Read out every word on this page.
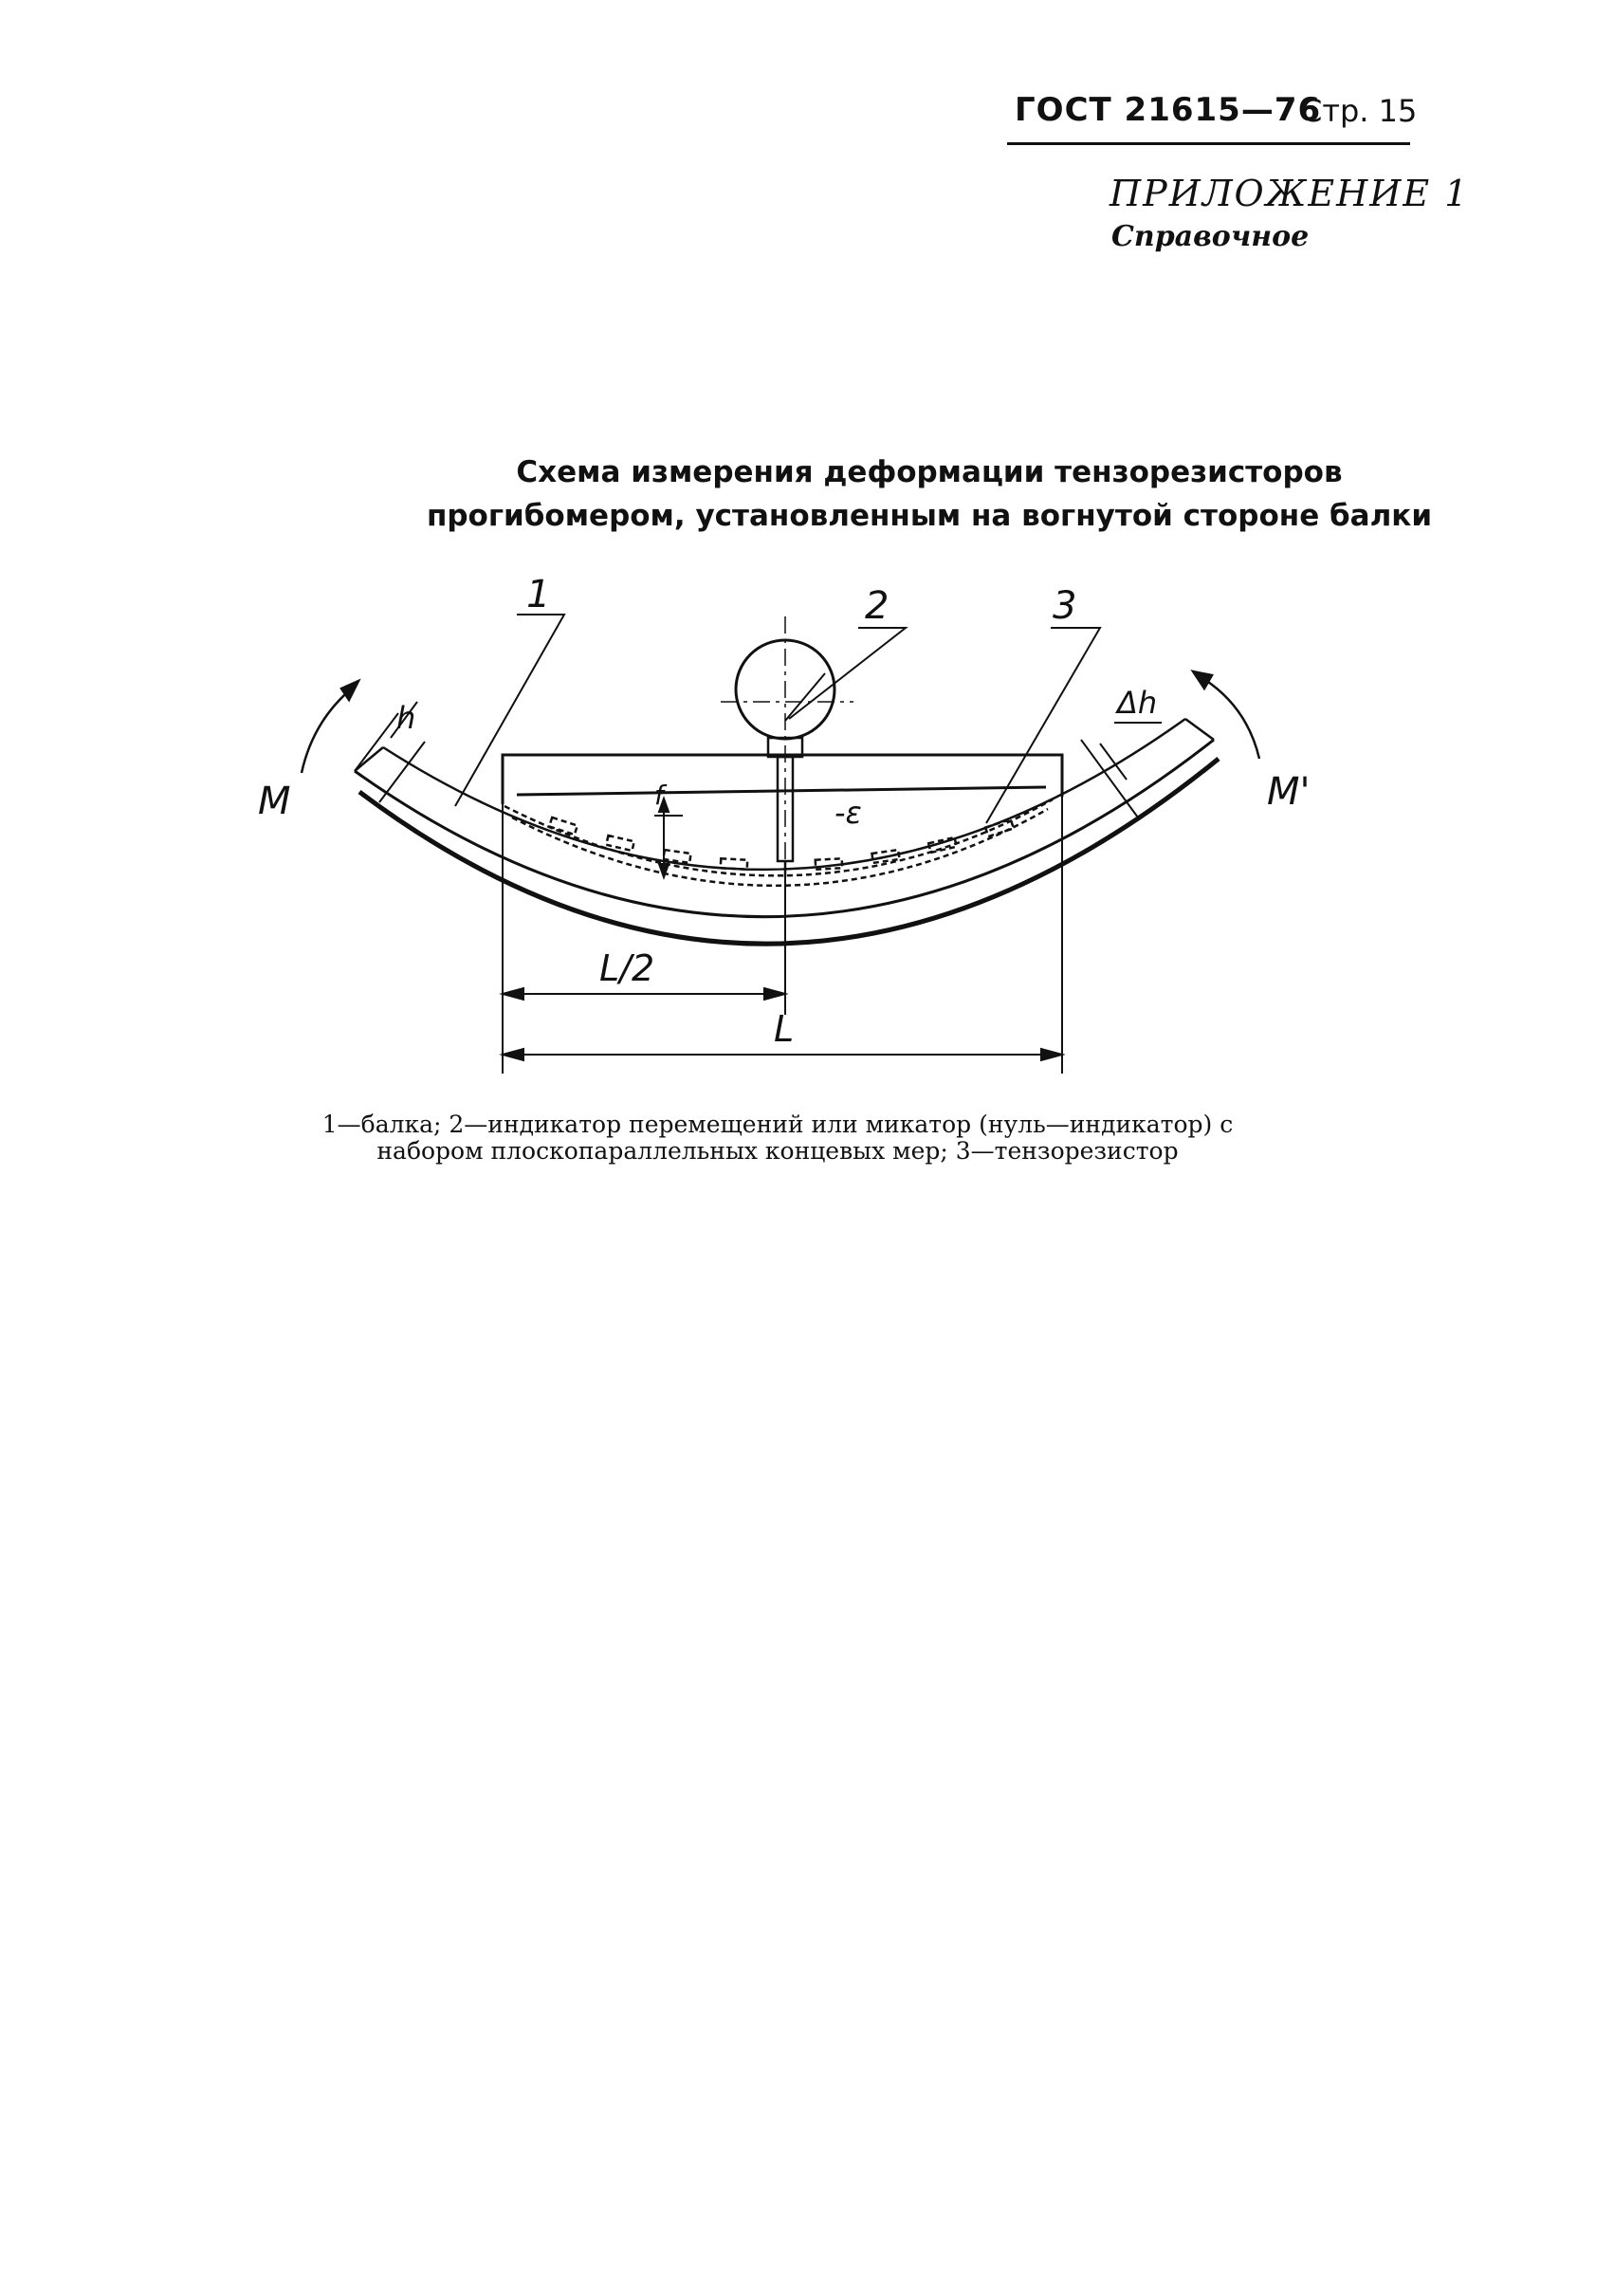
ГОСТ 21615—76
Стр. 15
ПРИЛОЖЕНИЕ 1
Справочное
Схема измерения деформации тензорезисторов
прогибомером, установленным на вогнутой стороне балки
1	2	3
M	M'
h	Δh
f	-ε
L/2
L
1—балка; 2—индикатор перемещений или микатор (нуль—индикатор) с
набором плоскопараллельных концевых мер; 3—тензорезистор
